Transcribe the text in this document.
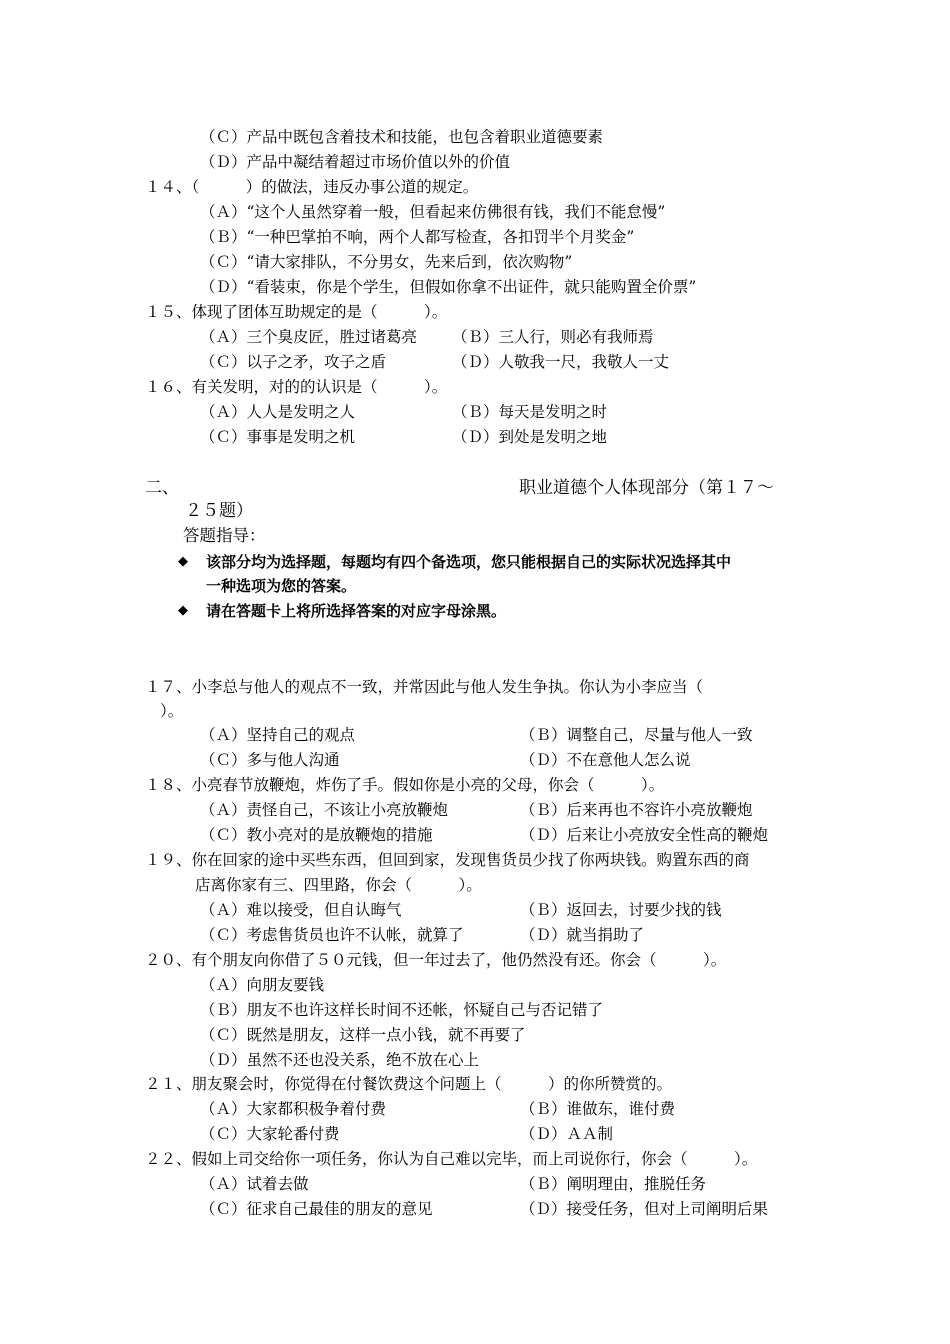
（Ｃ）产品中既包含着技术和技能，也包含着职业道德要素
（Ｄ）产品中凝结着超过市场价值以外的价值
１４、（　　　）的做法，违反办事公道的规定。
（Ａ）“这个人虽然穿着一般，但看起来仿佛很有钱，我们不能怠慢”
（Ｂ）“一种巴掌拍不响，两个人都写检查，各扣罚半个月奖金”
（Ｃ）“请大家排队，不分男女，先来后到，依次购物”
（Ｄ）“看装束，你是个学生，但假如你拿不出证件，就只能购置全价票”
１５、体现了团体互助规定的是（　　　）。
（Ａ）三个臭皮匠，胜过诸葛亮 （Ｂ）三人行，则必有我师焉
（Ｃ）以子之矛，攻子之盾	（Ｄ）人敬我一尺，我敬人一丈
１６、有关发明，对的的认识是（　　　）。
（Ａ）人人是发明之人	（Ｂ）每天是发明之时
（Ｃ）事事是发明之机	（Ｄ）到处是发明之地
二、	职业道德个人体现部分（第１７～
２５题）
答题指导：
◆ 该部分均为选择题，每题均有四个备选项，您只能根据自己的实际状况选择其中
一种选项为您的答案。
◆ 请在答题卡上将所选择答案的对应字母涂黑。
１７、小李总与他人的观点不一致，并常因此与他人发生争执。你认为小李应当（
）。
（Ａ）坚持自己的观点	（Ｂ）调整自己，尽量与他人一致
（Ｃ）多与他人沟通	（Ｄ）不在意他人怎么说
１８、小亮春节放鞭炮，炸伤了手。假如你是小亮的父母，你会（　　　）。
（Ａ）责怪自己，不该让小亮放鞭炮	（Ｂ）后来再也不容许小亮放鞭炮
（Ｃ）教小亮对的是放鞭炮的措施	（Ｄ）后来让小亮放安全性高的鞭炮
１９、你在回家的途中买些东西，但回到家，发现售货员少找了你两块钱。购置东西的商
店离你家有三、四里路，你会（　　　）。
（Ａ）难以接受，但自认晦气	（Ｂ）返回去，讨要少找的钱
（Ｃ）考虑售货员也许不认帐，就算了	（Ｄ）就当捐助了
２０、有个朋友向你借了５０元钱，但一年过去了，他仍然没有还。你会（　　　）。
（Ａ）向朋友要钱
（Ｂ）朋友不也许这样长时间不还帐，怀疑自己与否记错了
（Ｃ）既然是朋友，这样一点小钱，就不再要了
（Ｄ）虽然不还也没关系，绝不放在心上
２１、朋友聚会时，你觉得在付餐饮费这个问题上（　　　）的你所赞赏的。
（Ａ）大家都积极争着付费	（Ｂ）谁做东，谁付费
（Ｃ）大家轮番付费	（Ｄ）ＡＡ制
２２、假如上司交给你一项任务，你认为自己难以完毕，而上司说你行，你会（　　　）。
（Ａ）试着去做	（Ｂ）阐明理由，推脱任务
（Ｃ）征求自己最佳的朋友的意见	（Ｄ）接受任务，但对上司阐明后果
